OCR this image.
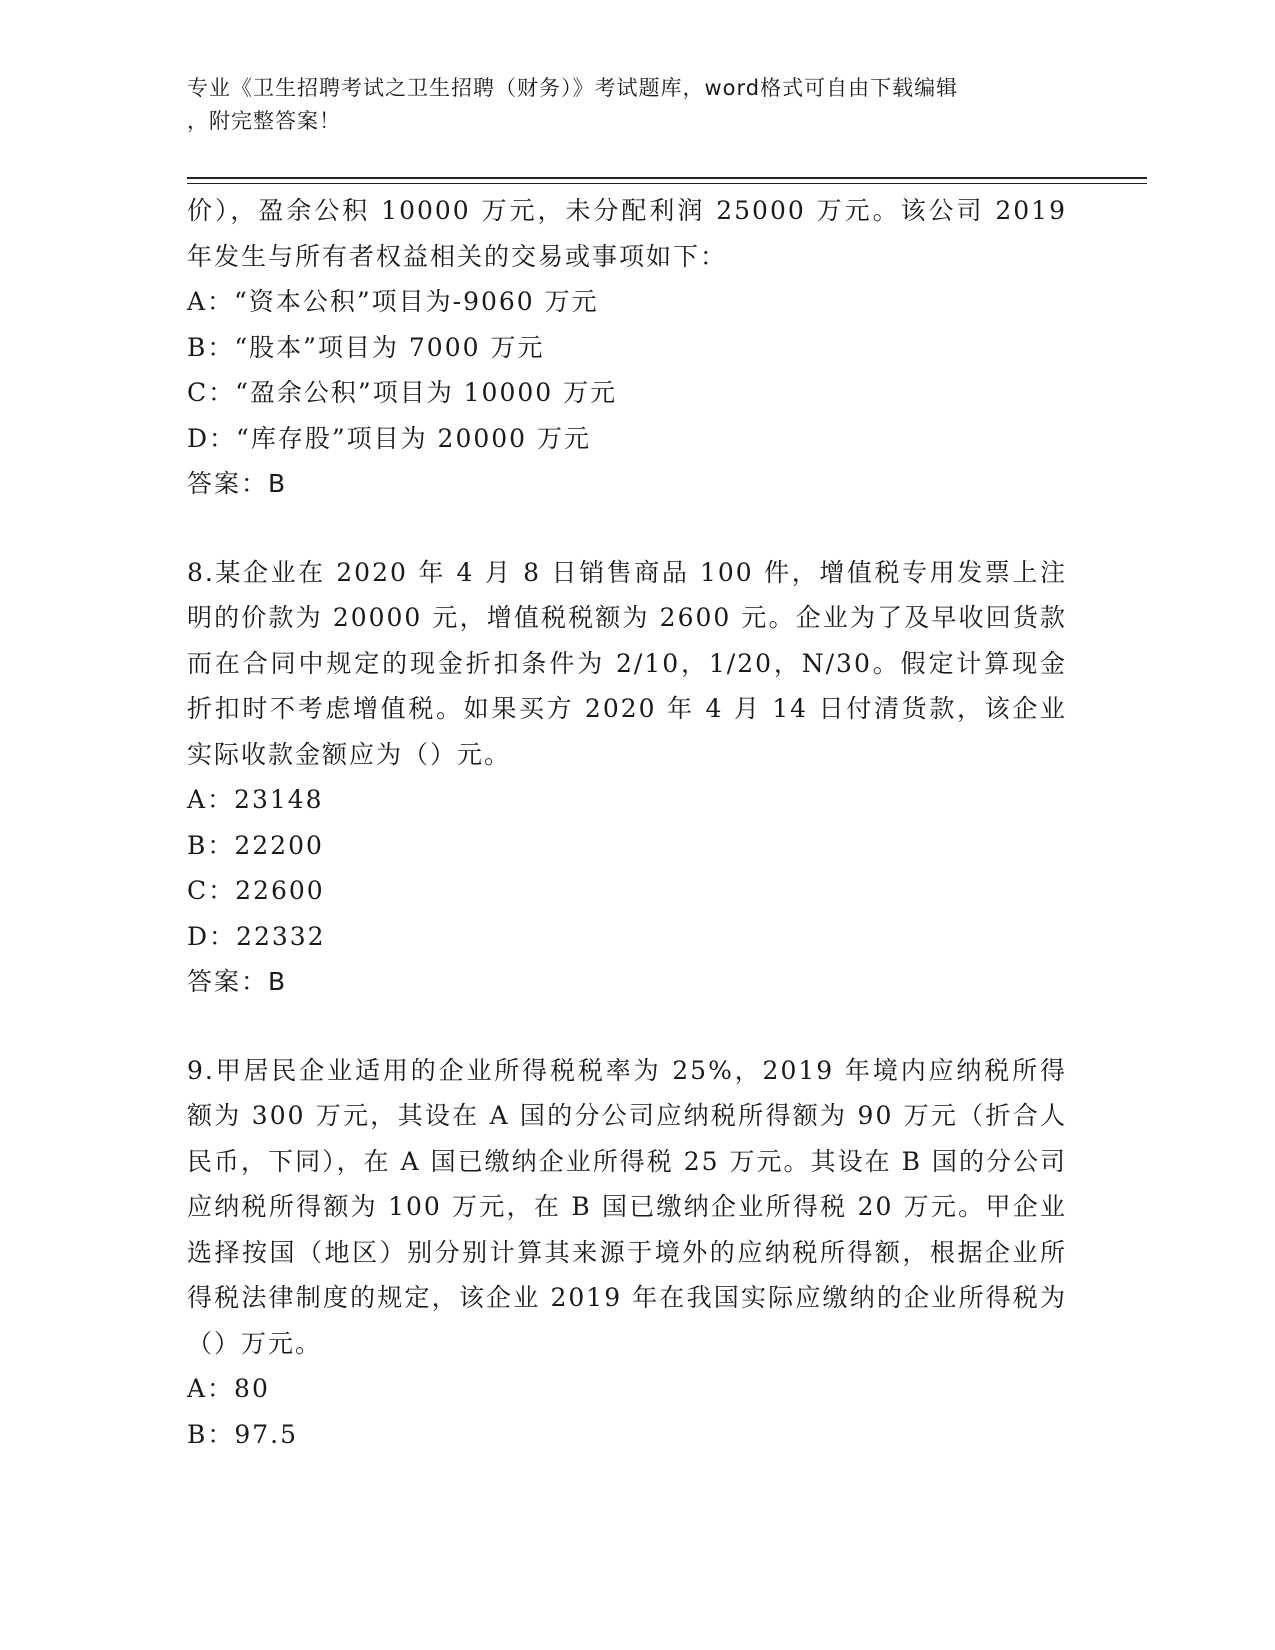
专业《卫生招聘考试之卫生招聘（财务）》考试题库，word格式可自由下载编辑
，附完整答案！
价），盈余公积 10000 万元，未分配利润 25000 万元。该公司 2019 年发生与所有者权益相关的交易或事项如下：
A：“资本公积”项目为-9060 万元
B：“股本”项目为 7000 万元
C：“盈余公积”项目为 10000 万元
D：“库存股”项目为 20000 万元
答案：B
8.某企业在 2020 年 4 月 8 日销售商品 100 件，增值税专用发票上注明的价款为 20000 元，增值税税额为 2600 元。企业为了及早收回货款而在合同中规定的现金折扣条件为 2/10，1/20，N/30。假定计算现金折扣时不考虑增值税。如果买方 2020 年 4 月 14 日付清货款，该企业实际收款金额应为（）元。
A：23148
B：22200
C：22600
D：22332
答案：B
9.甲居民企业适用的企业所得税税率为 25%，2019 年境内应纳税所得额为 300 万元，其设在 A 国的分公司应纳税所得额为 90 万元（折合人民币，下同），在 A 国已缴纳企业所得税 25 万元。其设在 B 国的分公司应纳税所得额为 100 万元，在 B 国已缴纳企业所得税 20 万元。甲企业选择按国（地区）别分别计算其来源于境外的应纳税所得额，根据企业所得税法律制度的规定，该企业 2019 年在我国实际应缴纳的企业所得税为（）万元。
A：80
B：97.5
